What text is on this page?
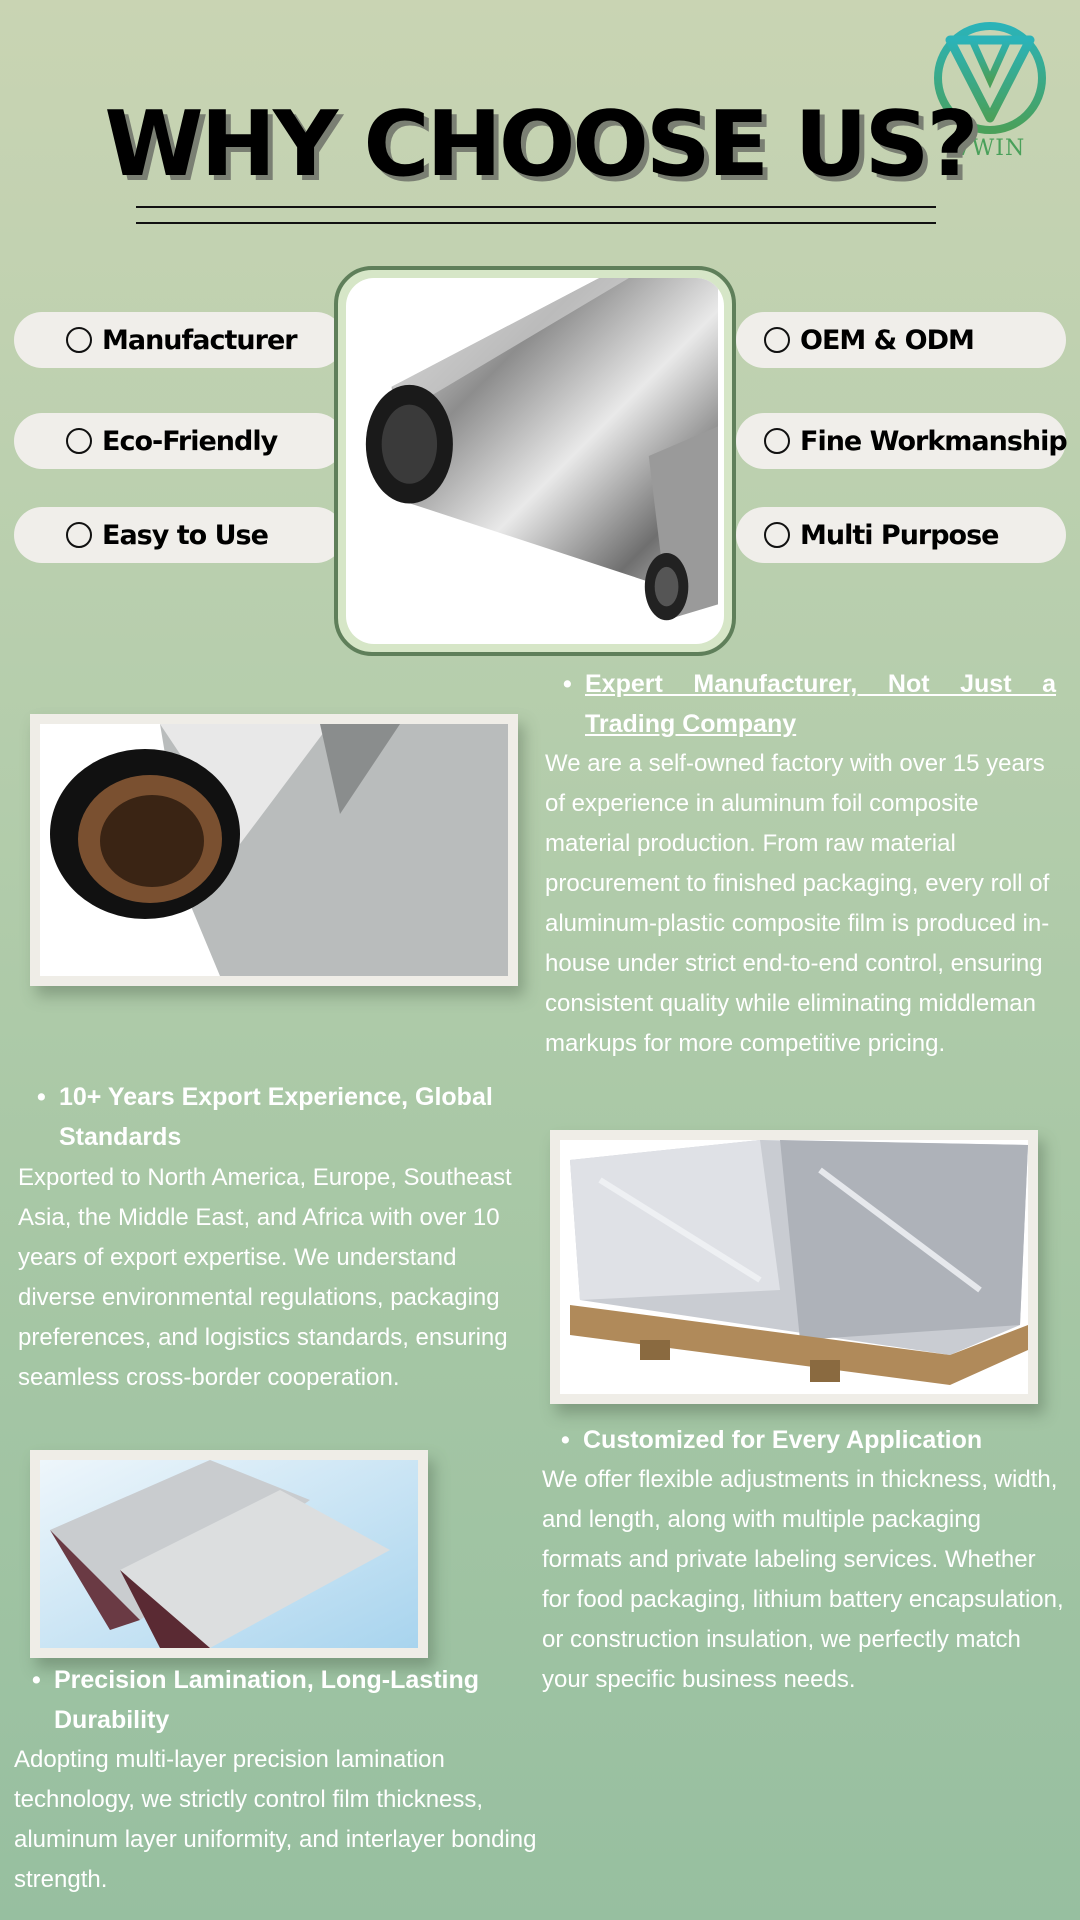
VWIN
WHY CHOOSE US?
Manufacturer
Eco-Friendly
Easy to Use
OEM & ODM
Fine Workmanship
Multi Purpose
• Expert Manufacturer, Not Just a
Trading Company

We are a self-owned factory with over 15 years of experience in aluminum foil composite material production. From raw material procurement to finished packaging, every roll of aluminum-plastic composite film is produced in-house under strict end-to-end control, ensuring consistent quality while eliminating middleman markups for more competitive pricing.

• 10+ Years Export Experience, Global Standards

Exported to North America, Europe, Southeast Asia, the Middle East, and Africa with over 10 years of export expertise. We understand diverse environmental regulations, packaging preferences, and logistics standards, ensuring seamless cross-border cooperation.

• Customized for Every Application

We offer flexible adjustments in thickness, width, and length, along with multiple packaging formats and private labeling services. Whether for food packaging, lithium battery encapsulation, or construction insulation, we perfectly match your specific business needs.

• Precision Lamination, Long-Lasting Durability

Adopting multi-layer precision lamination technology, we strictly control film thickness, aluminum layer uniformity, and interlayer bonding strength.
